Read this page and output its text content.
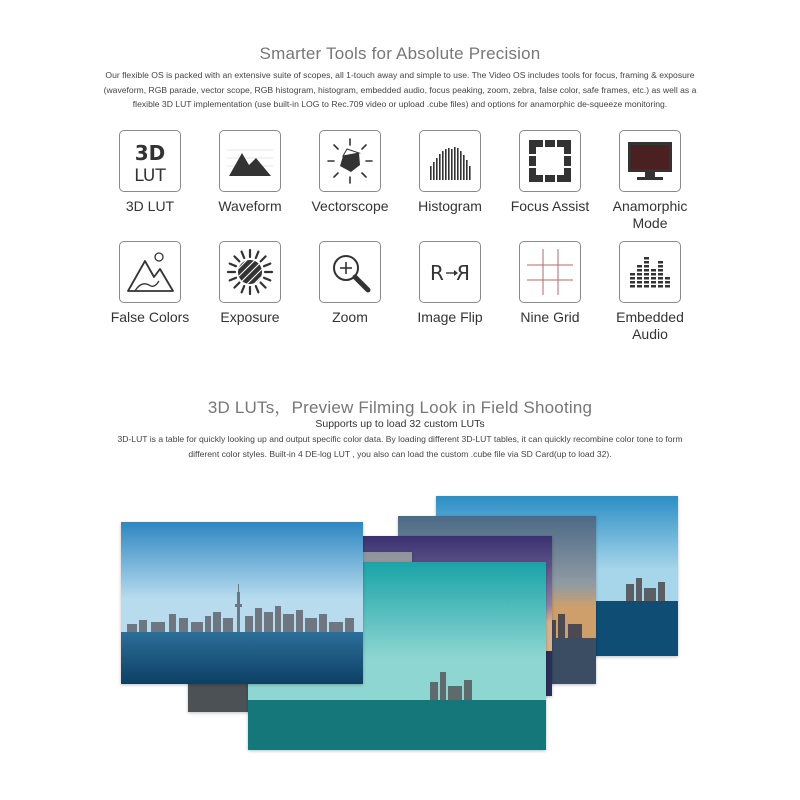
Smarter Tools for Absolute Precision
Our flexible OS is packed with an extensive suite of scopes, all 1-touch away and simple to use. The Video OS includes tools for focus, framing & exposure
(waveform, RGB parade, vector scope, RGB histogram, histogram, embedded audio, focus peaking, zoom, zebra, false color, safe frames, etc.) as well as a
flexible 3D LUT implementation (use built-in LOG to Rec.709 video or upload .cube files) and options for anamorphic de-squeeze monitoring.
3D
LUT
3D LUT	Waveform	Vectorscope	Histogram	Focus Assist	Anamorphic
Mode
False Colors	Exposure	Zoom
R R
Image Flip	Nine Grid	Embedded
Audio
3D LUTs，Preview Filming Look in Field Shooting
Supports up to load 32 custom LUTs
3D-LUT is a table for quickly looking up and output specific color data. By loading different 3D-LUT tables, it can quickly recombine color tone to form
different color styles. Built-in 4 DE-log LUT , you also can load the custom .cube file via SD Card(up to load 32).
